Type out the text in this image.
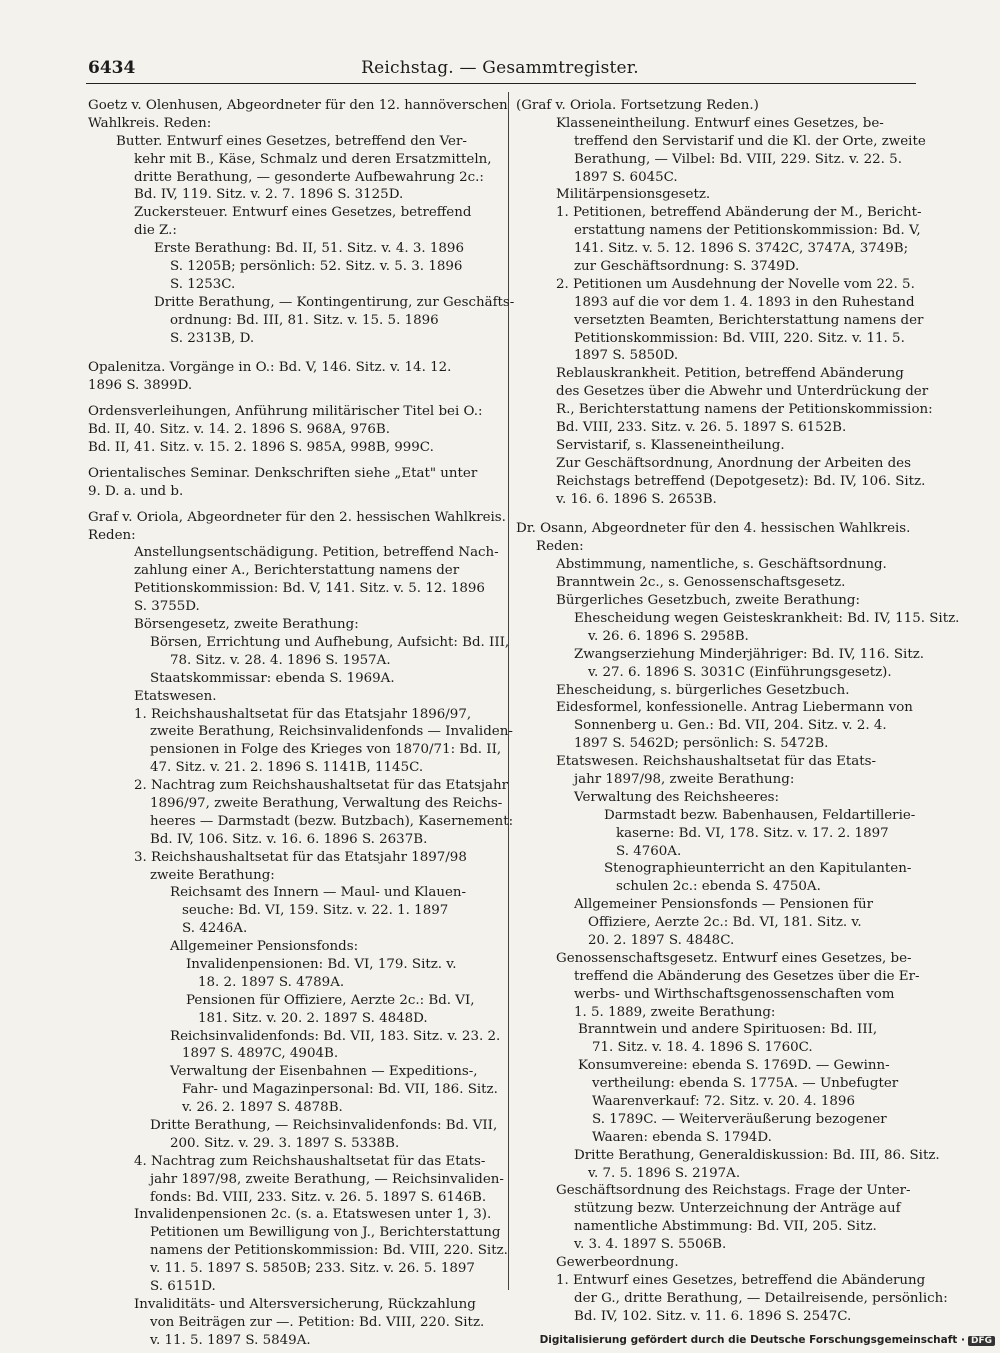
6434	Reichstag. — Gesammtregister.
Goetz v. Olenhusen, Abgeordneter für den 12. hannöverschen
Wahlkreis. Reden:
Butter. Entwurf eines Gesetzes, betreffend den Ver-
kehr mit B., Käse, Schmalz und deren Ersatzmitteln,
dritte Berathung, — gesonderte Aufbewahrung 2c.:
Bd. IV, 119. Sitz. v. 2. 7. 1896 S. 3125D.
Zuckersteuer. Entwurf eines Gesetzes, betreffend
die Z.:
Erste Berathung: Bd. II, 51. Sitz. v. 4. 3. 1896
S. 1205B; persönlich: 52. Sitz. v. 5. 3. 1896
S. 1253C.
Dritte Berathung, — Kontingentirung, zur Geschäfts-
ordnung: Bd. III, 81. Sitz. v. 15. 5. 1896
S. 2313B, D.
Opalenitza. Vorgänge in O.: Bd. V, 146. Sitz. v. 14. 12.
1896 S. 3899D.
Ordensverleihungen, Anführung militärischer Titel bei O.:
Bd. II, 40. Sitz. v. 14. 2. 1896 S. 968A, 976B.
Bd. II, 41. Sitz. v. 15. 2. 1896 S. 985A, 998B, 999C.
Orientalisches Seminar. Denkschriften siehe „Etat" unter
9. D. a. und b.
Graf v. Oriola, Abgeordneter für den 2. hessischen Wahlkreis.
Reden:
Anstellungsentschädigung. Petition, betreffend Nach-
zahlung einer A., Berichterstattung namens der
Petitionskommission: Bd. V, 141. Sitz. v. 5. 12. 1896
S. 3755D.
Börsengesetz, zweite Berathung:
Börsen, Errichtung und Aufhebung, Aufsicht: Bd. III,
78. Sitz. v. 28. 4. 1896 S. 1957A.
Staatskommissar: ebenda S. 1969A.
Etatswesen.
1. Reichshaushaltsetat für das Etatsjahr 1896/97,
zweite Berathung, Reichsinvalidenfonds — Invaliden-
pensionen in Folge des Krieges von 1870/71: Bd. II,
47. Sitz. v. 21. 2. 1896 S. 1141B, 1145C.
2. Nachtrag zum Reichshaushaltsetat für das Etatsjahr
1896/97, zweite Berathung, Verwaltung des Reichs-
heeres — Darmstadt (bezw. Butzbach), Kasernement:
Bd. IV, 106. Sitz. v. 16. 6. 1896 S. 2637B.
3. Reichshaushaltsetat für das Etatsjahr 1897/98
zweite Berathung:
Reichsamt des Innern — Maul- und Klauen-
seuche: Bd. VI, 159. Sitz. v. 22. 1. 1897
S. 4246A.
Allgemeiner Pensionsfonds:
Invalidenpensionen: Bd. VI, 179. Sitz. v.
18. 2. 1897 S. 4789A.
Pensionen für Offiziere, Aerzte 2c.: Bd. VI,
181. Sitz. v. 20. 2. 1897 S. 4848D.
Reichsinvalidenfonds: Bd. VII, 183. Sitz. v. 23. 2.
1897 S. 4897C, 4904B.
Verwaltung der Eisenbahnen — Expeditions-,
Fahr- und Magazinpersonal: Bd. VII, 186. Sitz.
v. 26. 2. 1897 S. 4878B.
Dritte Berathung, — Reichsinvalidenfonds: Bd. VII,
200. Sitz. v. 29. 3. 1897 S. 5338B.
4. Nachtrag zum Reichshaushaltsetat für das Etats-
jahr 1897/98, zweite Berathung, — Reichsinvaliden-
fonds: Bd. VIII, 233. Sitz. v. 26. 5. 1897 S. 6146B.
Invalidenpensionen 2c. (s. a. Etatswesen unter 1, 3).
Petitionen um Bewilligung von J., Berichterstattung
namens der Petitionskommission: Bd. VIII, 220. Sitz.
v. 11. 5. 1897 S. 5850B; 233. Sitz. v. 26. 5. 1897
S. 6151D.
Invaliditäts- und Altersversicherung, Rückzahlung
von Beiträgen zur —. Petition: Bd. VIII, 220. Sitz.
v. 11. 5. 1897 S. 5849A.
(Graf v. Oriola. Fortsetzung Reden.)
Klasseneintheilung. Entwurf eines Gesetzes, be-
treffend den Servistarif und die Kl. der Orte, zweite
Berathung, — Vilbel: Bd. VIII, 229. Sitz. v. 22. 5.
1897 S. 6045C.
Militärpensionsgesetz.
1. Petitionen, betreffend Abänderung der M., Bericht-
erstattung namens der Petitionskommission: Bd. V,
141. Sitz. v. 5. 12. 1896 S. 3742C, 3747A, 3749B;
zur Geschäftsordnung: S. 3749D.
2. Petitionen um Ausdehnung der Novelle vom 22. 5.
1893 auf die vor dem 1. 4. 1893 in den Ruhestand
versetzten Beamten, Berichterstattung namens der
Petitionskommission: Bd. VIII, 220. Sitz. v. 11. 5.
1897 S. 5850D.
Reblauskrankheit. Petition, betreffend Abänderung
des Gesetzes über die Abwehr und Unterdrückung der
R., Berichterstattung namens der Petitionskommission:
Bd. VIII, 233. Sitz. v. 26. 5. 1897 S. 6152B.
Servistarif, s. Klasseneintheilung.
Zur Geschäftsordnung, Anordnung der Arbeiten des
Reichstags betreffend (Depotgesetz): Bd. IV, 106. Sitz.
v. 16. 6. 1896 S. 2653B.
Dr. Osann, Abgeordneter für den 4. hessischen Wahlkreis.
Reden:
Abstimmung, namentliche, s. Geschäftsordnung.
Branntwein 2c., s. Genossenschaftsgesetz.
Bürgerliches Gesetzbuch, zweite Berathung:
Ehescheidung wegen Geisteskrankheit: Bd. IV, 115. Sitz.
v. 26. 6. 1896 S. 2958B.
Zwangserziehung Minderjähriger: Bd. IV, 116. Sitz.
v. 27. 6. 1896 S. 3031C (Einführungsgesetz).
Ehescheidung, s. bürgerliches Gesetzbuch.
Eidesformel, konfessionelle. Antrag Liebermann von
Sonnenberg u. Gen.: Bd. VII, 204. Sitz. v. 2. 4.
1897 S. 5462D; persönlich: S. 5472B.
Etatswesen. Reichshaushaltsetat für das Etats-
jahr 1897/98, zweite Berathung:
Verwaltung des Reichsheeres:
Darmstadt bezw. Babenhausen, Feldartillerie-
kaserne: Bd. VI, 178. Sitz. v. 17. 2. 1897
S. 4760A.
Stenographieunterricht an den Kapitulanten-
schulen 2c.: ebenda S. 4750A.
Allgemeiner Pensionsfonds — Pensionen für
Offiziere, Aerzte 2c.: Bd. VI, 181. Sitz. v.
20. 2. 1897 S. 4848C.
Genossenschaftsgesetz. Entwurf eines Gesetzes, be-
treffend die Abänderung des Gesetzes über die Er-
werbs- und Wirthschaftsgenossenschaften vom
1. 5. 1889, zweite Berathung:
Branntwein und andere Spirituosen: Bd. III,
71. Sitz. v. 18. 4. 1896 S. 1760C.
Konsumvereine: ebenda S. 1769D. — Gewinn-
vertheilung: ebenda S. 1775A. — Unbefugter
Waarenverkauf: 72. Sitz. v. 20. 4. 1896
S. 1789C. — Weiterveräußerung bezogener
Waaren: ebenda S. 1794D.
Dritte Berathung, Generaldiskussion: Bd. III, 86. Sitz.
v. 7. 5. 1896 S. 2197A.
Geschäftsordnung des Reichstags. Frage der Unter-
stützung bezw. Unterzeichnung der Anträge auf
namentliche Abstimmung: Bd. VII, 205. Sitz.
v. 3. 4. 1897 S. 5506B.
Gewerbeordnung.
1. Entwurf eines Gesetzes, betreffend die Abänderung
der G., dritte Berathung, — Detailreisende, persönlich:
Bd. IV, 102. Sitz. v. 11. 6. 1896 S. 2547C.
Digitalisierung gefördert durch die Deutsche Forschungsgemeinschaft · DFG
